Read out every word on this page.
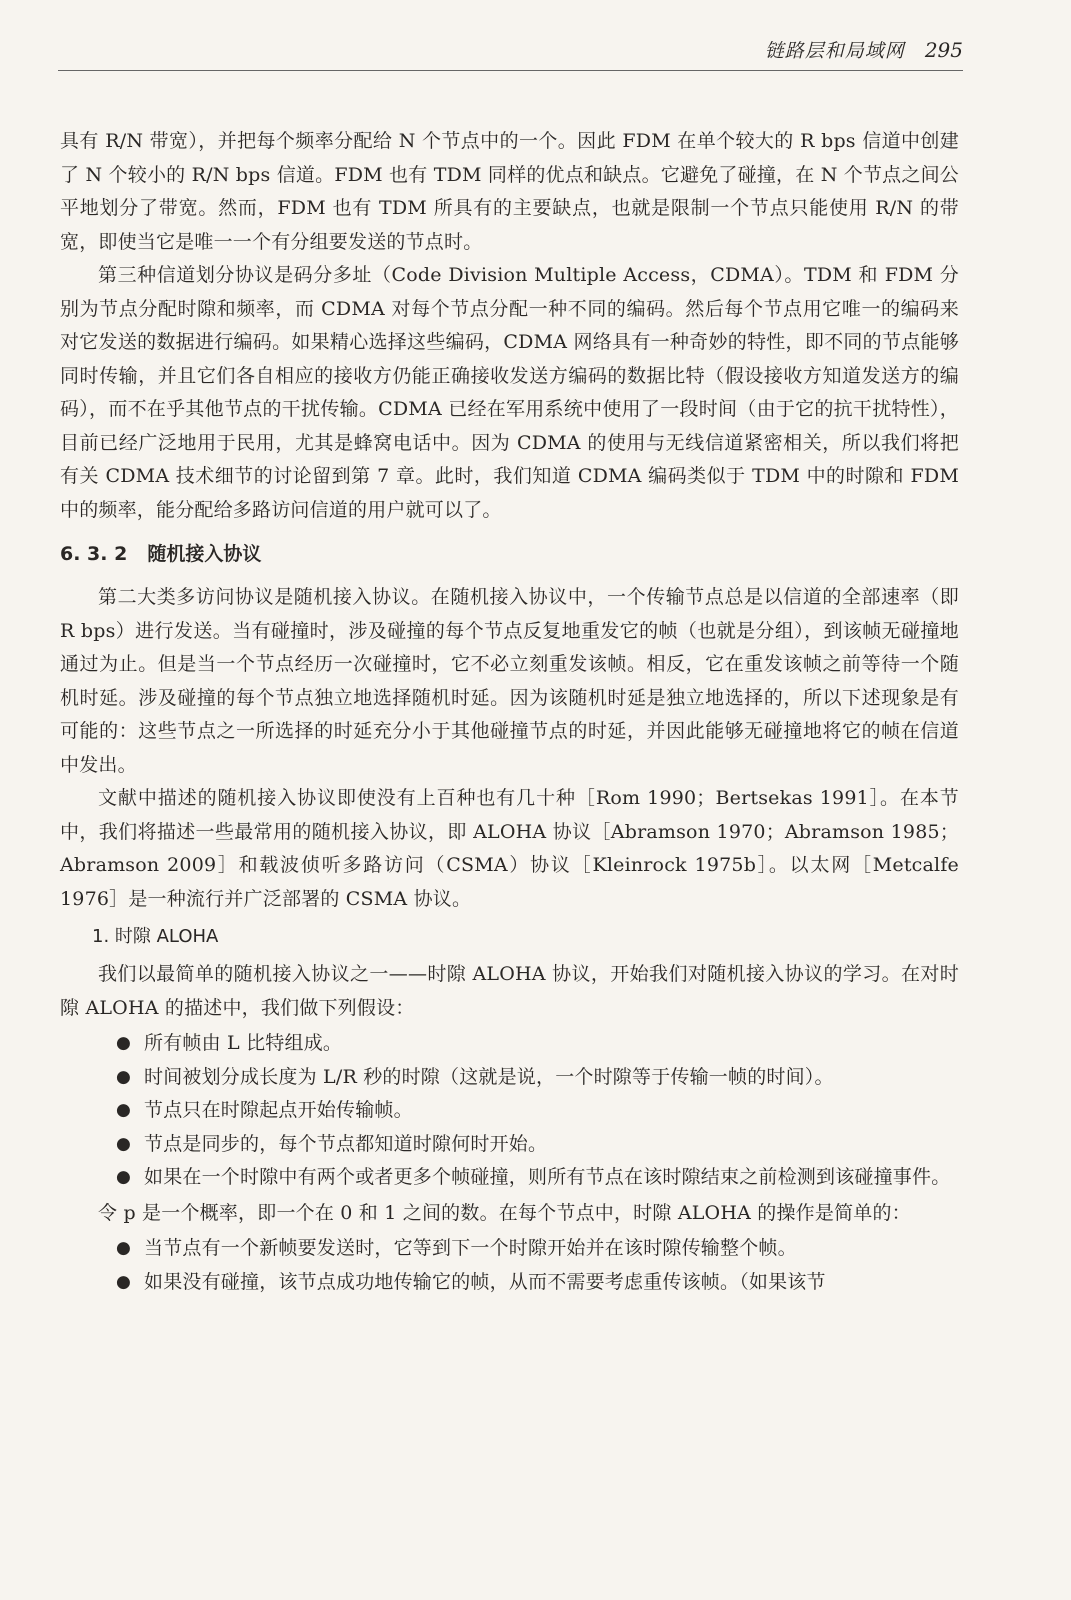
链路层和局域网 295

具有 R/N 带宽），并把每个频率分配给 N 个节点中的一个。因此 FDM 在单个较大的 R bps 信道中创建了 N 个较小的 R/N bps 信道。FDM 也有 TDM 同样的优点和缺点。它避免了碰撞，在 N 个节点之间公平地划分了带宽。然而，FDM 也有 TDM 所具有的主要缺点，也就是限制一个节点只能使用 R/N 的带宽，即使当它是唯一一个有分组要发送的节点时。

第三种信道划分协议是码分多址（Code Division Multiple Access，CDMA）。TDM 和 FDM 分别为节点分配时隙和频率，而 CDMA 对每个节点分配一种不同的编码。然后每个节点用它唯一的编码来对它发送的数据进行编码。如果精心选择这些编码，CDMA 网络具有一种奇妙的特性，即不同的节点能够同时传输，并且它们各自相应的接收方仍能正确接收发送方编码的数据比特（假设接收方知道发送方的编码），而不在乎其他节点的干扰传输。CDMA 已经在军用系统中使用了一段时间（由于它的抗干扰特性），目前已经广泛地用于民用，尤其是蜂窝电话中。因为 CDMA 的使用与无线信道紧密相关，所以我们将把有关 CDMA 技术细节的讨论留到第 7 章。此时，我们知道 CDMA 编码类似于 TDM 中的时隙和 FDM 中的频率，能分配给多路访问信道的用户就可以了。

6. 3. 2 随机接入协议

第二大类多访问协议是随机接入协议。在随机接入协议中，一个传输节点总是以信道的全部速率（即 R bps）进行发送。当有碰撞时，涉及碰撞的每个节点反复地重发它的帧（也就是分组），到该帧无碰撞地通过为止。但是当一个节点经历一次碰撞时，它不必立刻重发该帧。相反，它在重发该帧之前等待一个随机时延。涉及碰撞的每个节点独立地选择随机时延。因为该随机时延是独立地选择的，所以下述现象是有可能的：这些节点之一所选择的时延充分小于其他碰撞节点的时延，并因此能够无碰撞地将它的帧在信道中发出。

文献中描述的随机接入协议即使没有上百种也有几十种［Rom 1990；Bertsekas 1991］。在本节中，我们将描述一些最常用的随机接入协议，即 ALOHA 协议［Abramson 1970；Abramson 1985；Abramson 2009］和载波侦听多路访问（CSMA）协议［Kleinrock 1975b］。以太网［Metcalfe 1976］是一种流行并广泛部署的 CSMA 协议。

1. 时隙 ALOHA

我们以最简单的随机接入协议之一——时隙 ALOHA 协议，开始我们对随机接入协议的学习。在对时隙 ALOHA 的描述中，我们做下列假设：

● 所有帧由 L 比特组成。
● 时间被划分成长度为 L/R 秒的时隙（这就是说，一个时隙等于传输一帧的时间）。
● 节点只在时隙起点开始传输帧。
● 节点是同步的，每个节点都知道时隙何时开始。
● 如果在一个时隙中有两个或者更多个帧碰撞，则所有节点在该时隙结束之前检测到该碰撞事件。

令 p 是一个概率，即一个在 0 和 1 之间的数。在每个节点中，时隙 ALOHA 的操作是简单的：

● 当节点有一个新帧要发送时，它等到下一个时隙开始并在该时隙传输整个帧。
● 如果没有碰撞，该节点成功地传输它的帧，从而不需要考虑重传该帧。（如果该节
